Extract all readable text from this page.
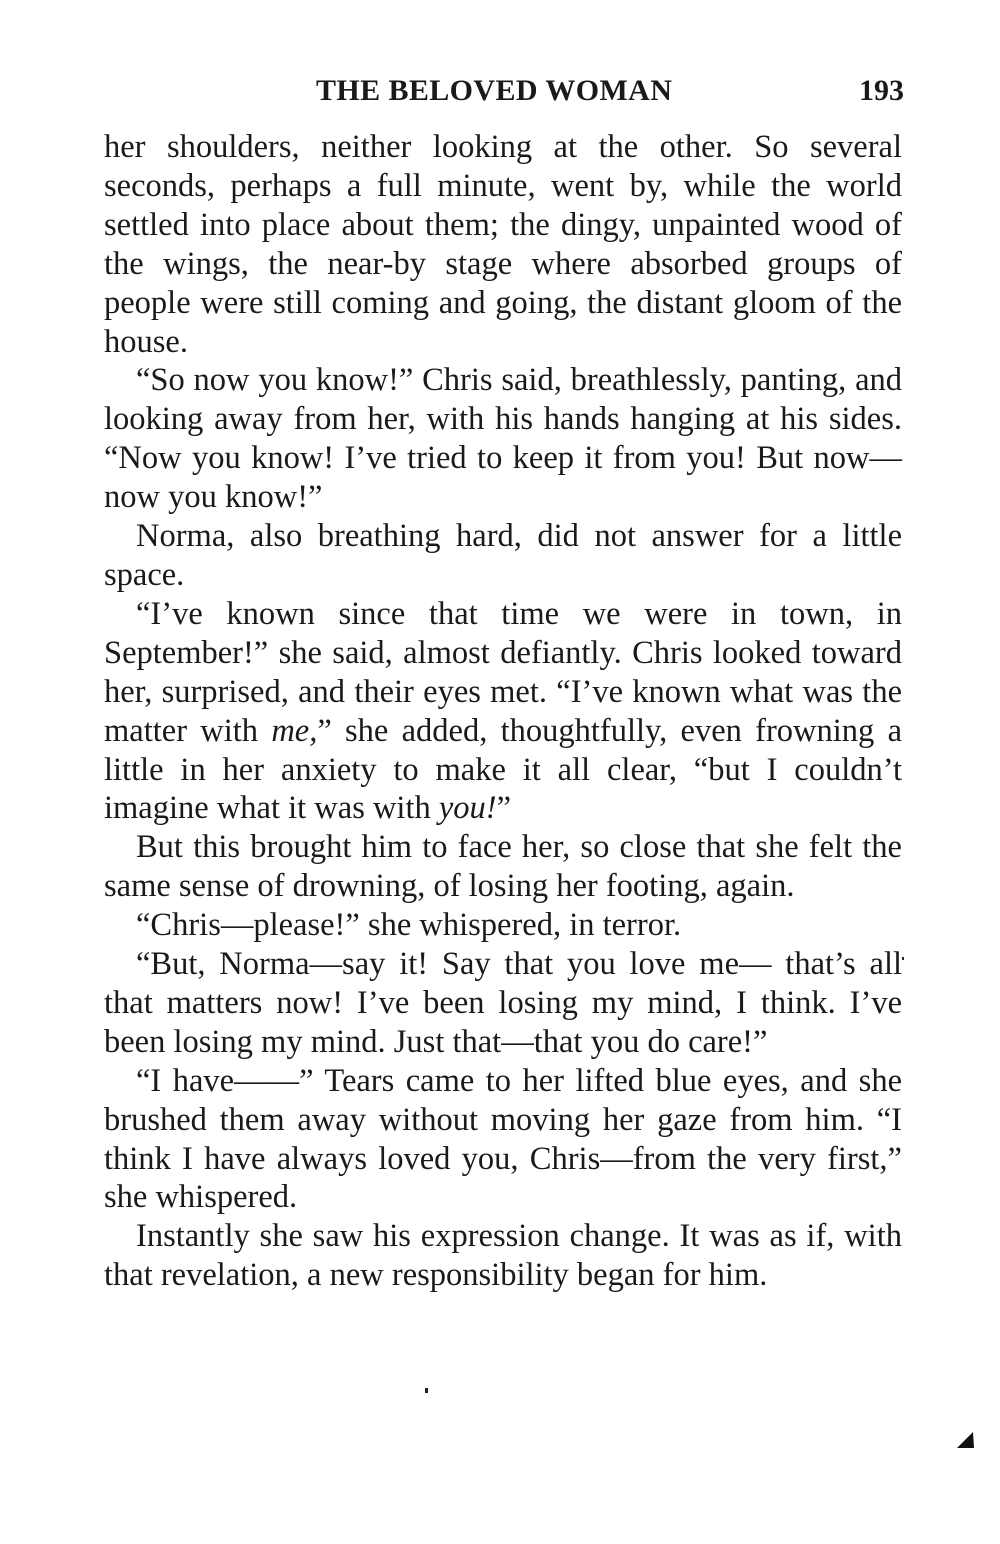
THE BELOVED WOMAN	193

her shoulders, neither looking at the other. So several seconds, perhaps a full minute, went by, while the world settled into place about them; the dingy, unpainted wood of the wings, the near-by stage where absorbed groups of people were still coming and going, the distant gloom of the house.

“So now you know!” Chris said, breathlessly, panting, and looking away from her, with his hands hanging at his sides. “Now you know! I’ve tried to keep it from you! But now—now you know!”

Norma, also breathing hard, did not answer for a little space.

“I’ve known since that time we were in town, in September!” she said, almost defiantly. Chris looked toward her, surprised, and their eyes met. “I’ve known what was the matter with me,” she added, thoughtfully, even frowning a little in her anxiety to make it all clear, “but I couldn’t imagine what it was with you!”

But this brought him to face her, so close that she felt the same sense of drowning, of losing her footing, again.

“Chris—please!” she whispered, in terror.

“But, Norma—say it! Say that you love me— that’s all that matters now! I’ve been losing my mind, I think. I’ve been losing my mind. Just that—that you do care!”

“I have——” Tears came to her lifted blue eyes, and she brushed them away without moving her gaze from him. “I think I have always loved you, Chris—from the very first,” she whispered.

Instantly she saw his expression change. It was as if, with that revelation, a new responsibility began for him.
